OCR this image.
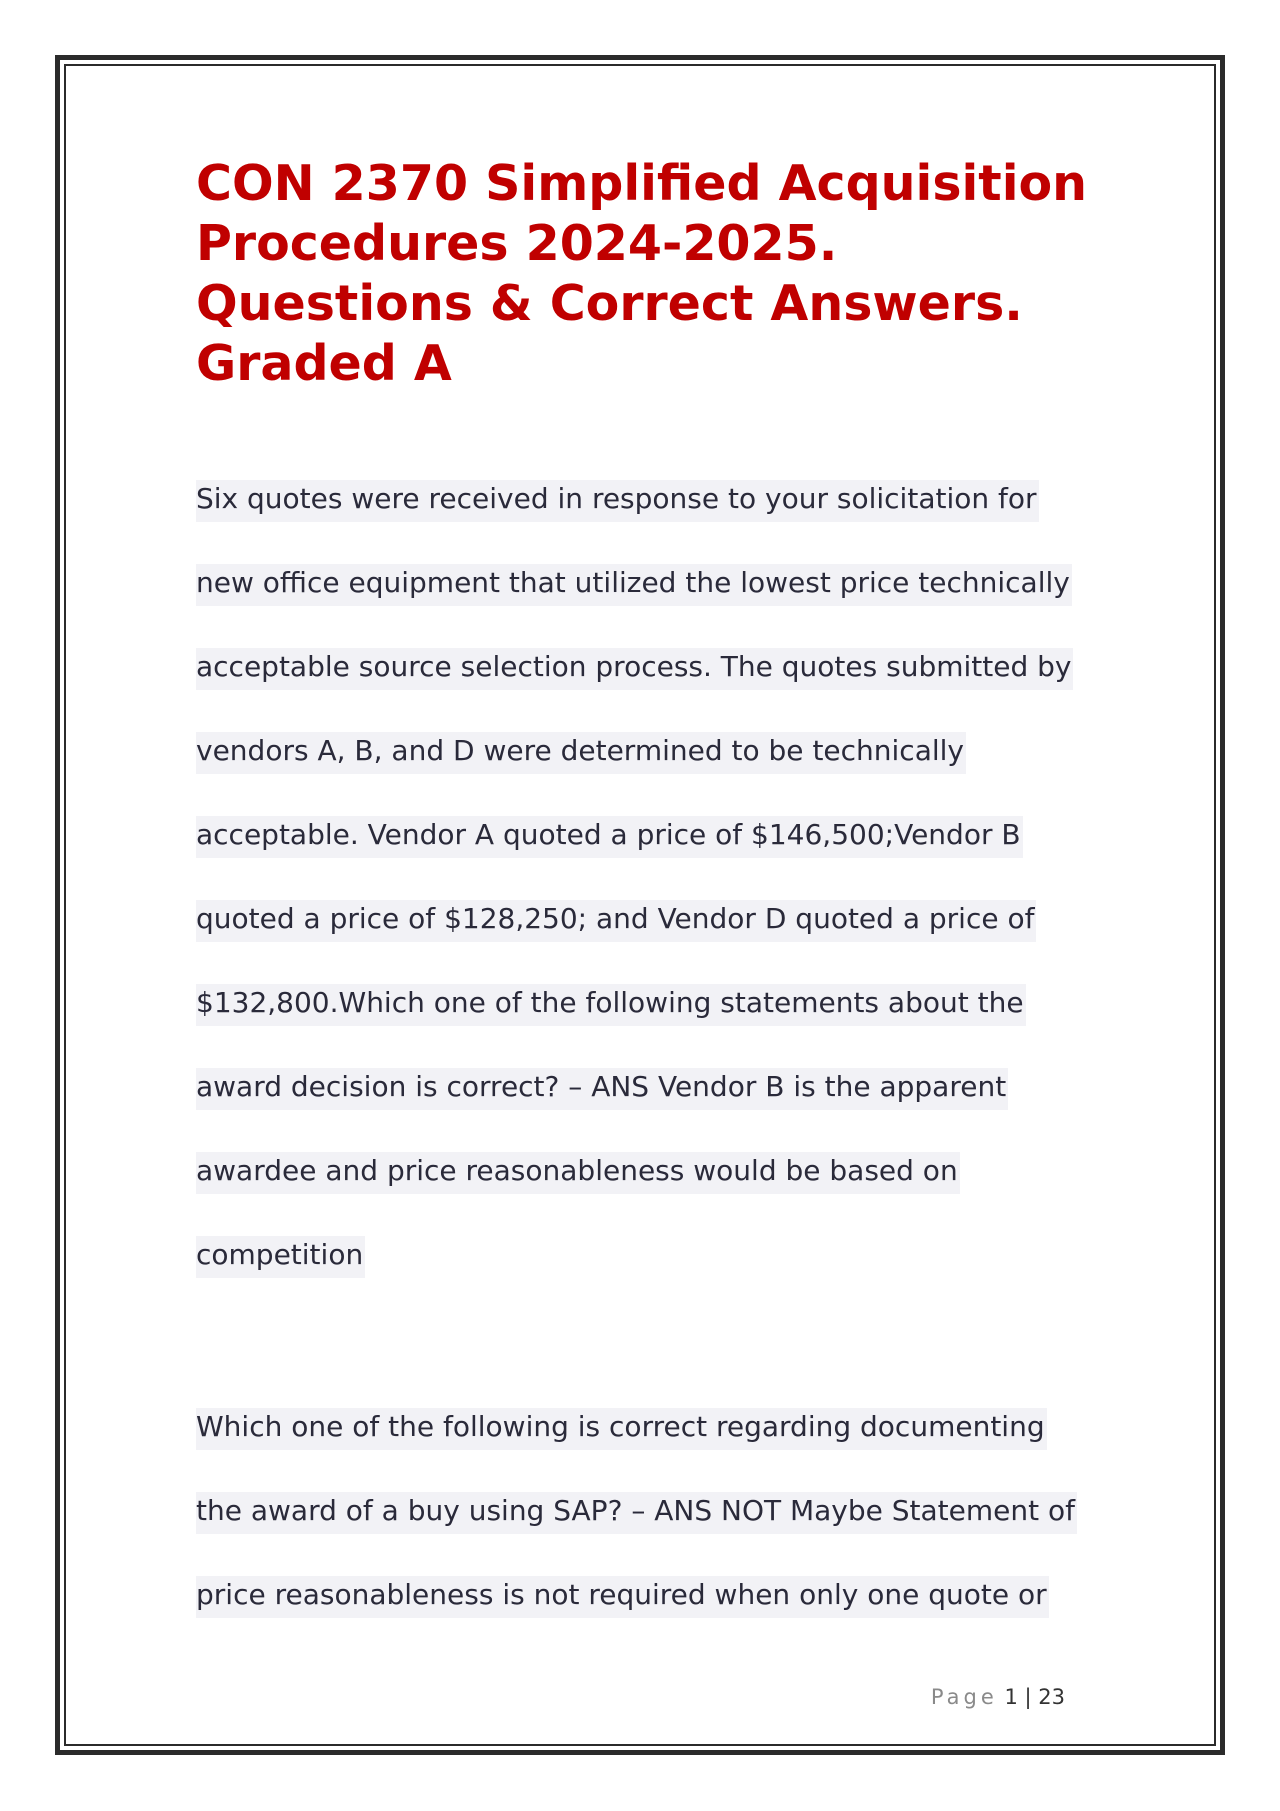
CON 2370 Simplified Acquisition Procedures 2024-2025. Questions & Correct Answers. Graded A
Six quotes were received in response to your solicitation for
new office equipment that utilized the lowest price technically
acceptable source selection process. The quotes submitted by
vendors A, B, and D were determined to be technically
acceptable. Vendor A quoted a price of $146,500;Vendor B
quoted a price of $128,250; and Vendor D quoted a price of
$132,800.Which one of the following statements about the
award decision is correct? – ANS Vendor B is the apparent
awardee and price reasonableness would be based on
competition
Which one of the following is correct regarding documenting
the award of a buy using SAP? – ANS NOT Maybe Statement of
price reasonableness is not required when only one quote or
Page 1 | 23
